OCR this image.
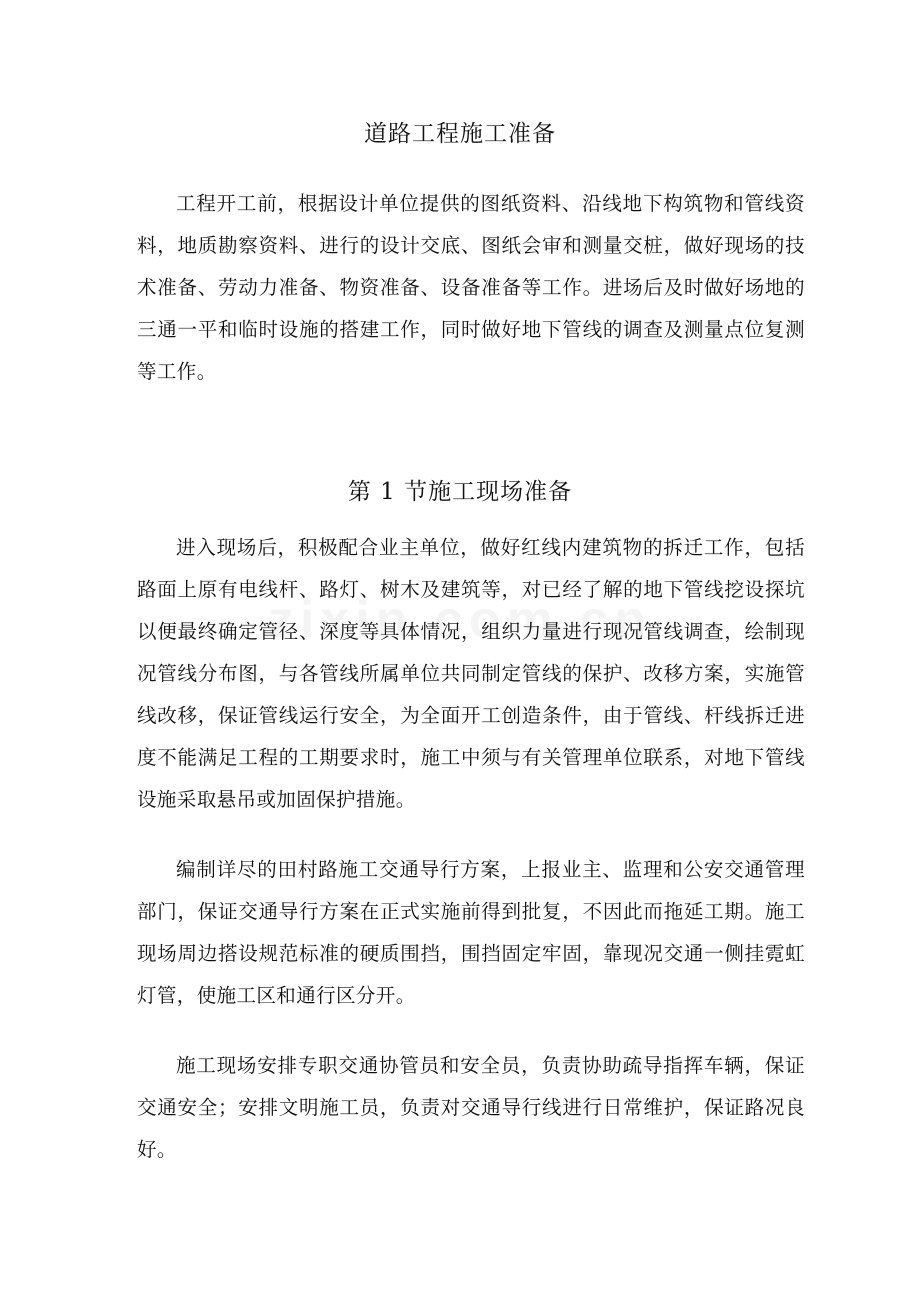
道路工程施工准备

工程开工前，根据设计单位提供的图纸资料、沿线地下构筑物和管线资料，地质勘察资料、进行的设计交底、图纸会审和测量交桩，做好现场的技术准备、劳动力准备、物资准备、设备准备等工作。进场后及时做好场地的三通一平和临时设施的搭建工作，同时做好地下管线的调查及测量点位复测等工作。

第 1 节施工现场准备

进入现场后，积极配合业主单位，做好红线内建筑物的拆迁工作，包括路面上原有电线杆、路灯、树木及建筑等，对已经了解的地下管线挖设探坑以便最终确定管径、深度等具体情况，组织力量进行现况管线调查，绘制现况管线分布图，与各管线所属单位共同制定管线的保护、改移方案，实施管线改移，保证管线运行安全，为全面开工创造条件，由于管线、杆线拆迁进度不能满足工程的工期要求时，施工中须与有关管理单位联系，对地下管线设施采取悬吊或加固保护措施。

编制详尽的田村路施工交通导行方案，上报业主、监理和公安交通管理部门，保证交通导行方案在正式实施前得到批复，不因此而拖延工期。施工现场周边搭设规范标准的硬质围挡，围挡固定牢固，靠现况交通一侧挂霓虹灯管，使施工区和通行区分开。

施工现场安排专职交通协管员和安全员，负责协助疏导指挥车辆，保证交通安全；安排文明施工员，负责对交通导行线进行日常维护，保证路况良好。
